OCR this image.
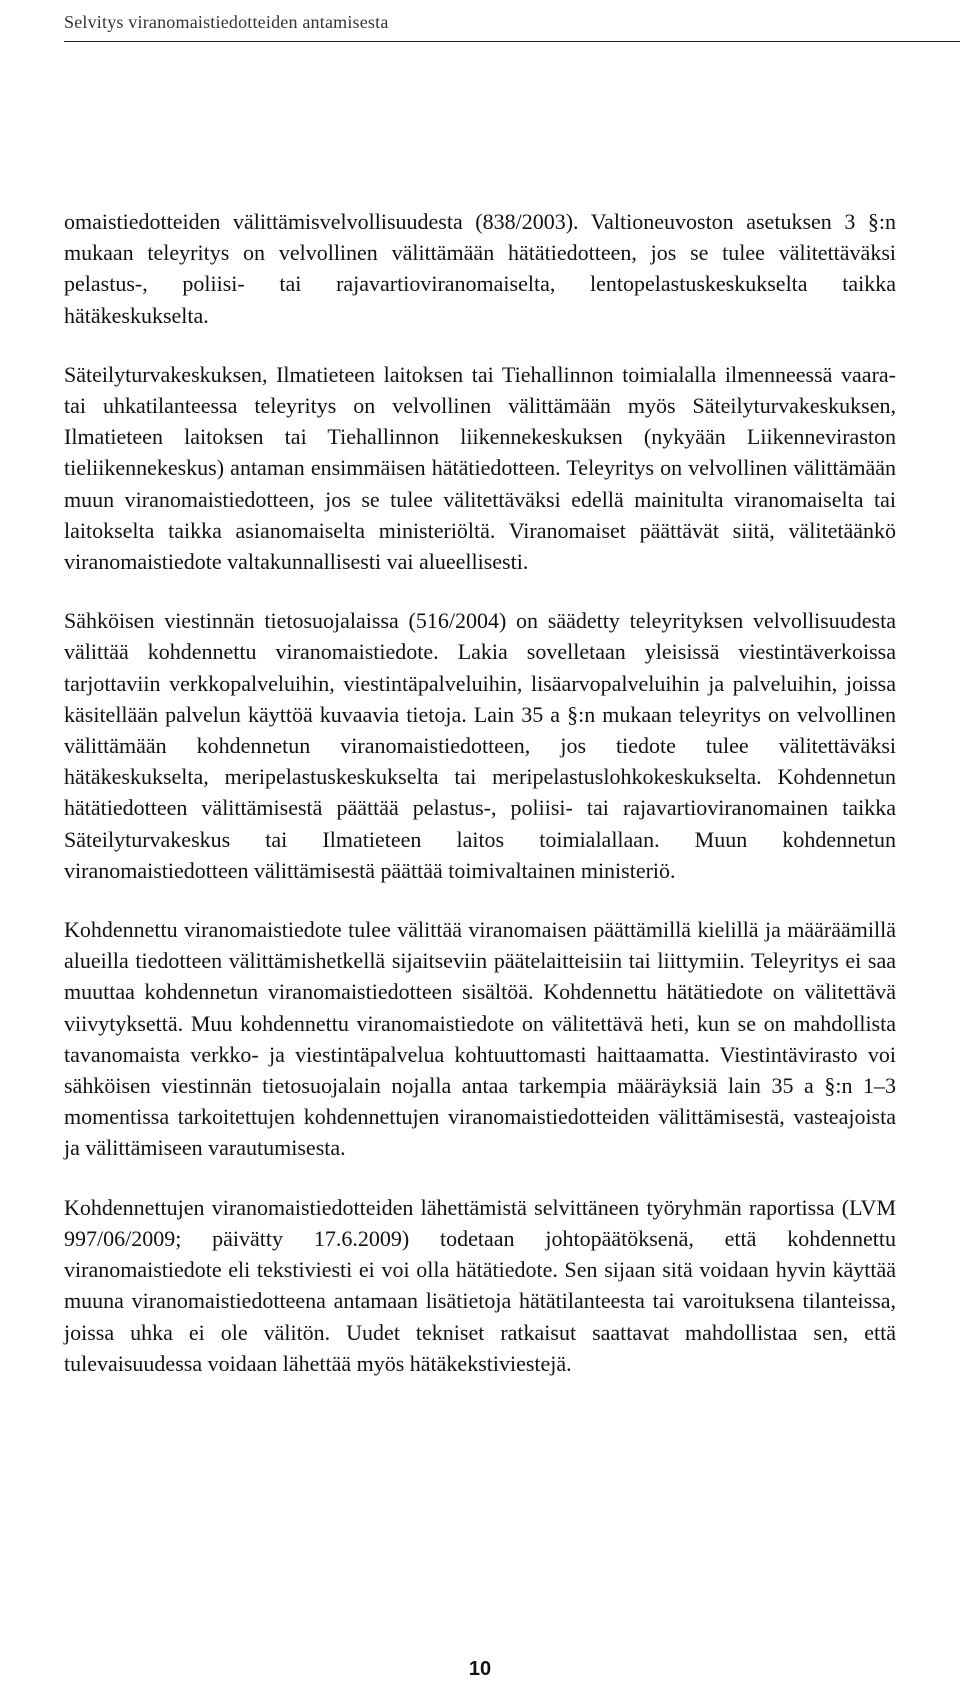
Selvitys viranomaistiedotteiden antamisesta

omaistiedotteiden välittämisvelvollisuudesta (838/2003). Valtioneuvoston asetuksen 3 §:n mukaan teleyritys on velvollinen välittämään hätätiedotteen, jos se tulee välitettäväksi pelastus-, poliisi- tai rajavartioviranomaiselta, lentopelastuskeskukselta taikka hätäkeskukselta.

Säteilyturvakeskuksen, Ilmatieteen laitoksen tai Tiehallinnon toimialalla ilmenneessä vaara- tai uhkatilanteessa teleyritys on velvollinen välittämään myös Säteilyturvakeskuksen, Ilmatieteen laitoksen tai Tiehallinnon liikennekeskuksen (nykyään Liikenneviraston tieliikennekeskus) antaman ensimmäisen hätätiedotteen. Teleyritys on velvollinen välittämään muun viranomaistiedotteen, jos se tulee välitettäväksi edellä mainitulta viranomaiselta tai laitokselta taikka asianomaiselta ministeriöltä. Viranomaiset päättävät siitä, välitetäänkö viranomaistiedote valtakunnallisesti vai alueellisesti.

Sähköisen viestinnän tietosuojalaissa (516/2004) on säädetty teleyrityksen velvollisuudesta välittää kohdennettu viranomaistiedote. Lakia sovelletaan yleisissä viestintäverkoissa tarjottaviin verkkopalveluihin, viestintäpalveluihin, lisäarvopalveluihin ja palveluihin, joissa käsitellään palvelun käyttöä kuvaavia tietoja. Lain 35 a §:n mukaan teleyritys on velvollinen välittämään kohdennetun viranomaistiedotteen, jos tiedote tulee välitettäväksi hätäkeskukselta, meripelastuskeskukselta tai meripelastuslohkokeskukselta. Kohdennetun hätätiedotteen välittämisestä päättää pelastus-, poliisi- tai rajavartioviranomainen taikka Säteilyturvakeskus tai Ilmatieteen laitos toimialallaan. Muun kohdennetun viranomaistiedotteen välittämisestä päättää toimivaltainen ministeriö.

Kohdennettu viranomaistiedote tulee välittää viranomaisen päättämillä kielillä ja määräämillä alueilla tiedotteen välittämishetkellä sijaitseviin päätelaitteisiin tai liittymiin. Teleyritys ei saa muuttaa kohdennetun viranomaistiedotteen sisältöä. Kohdennettu hätätiedote on välitettävä viivytyksettä. Muu kohdennettu viranomaistiedote on välitettävä heti, kun se on mahdollista tavanomaista verkko- ja viestintäpalvelua kohtuuttomasti haittaamatta. Viestintävirasto voi sähköisen viestinnän tietosuojalain nojalla antaa tarkempia määräyksiä lain 35 a §:n 1–3 momentissa tarkoitettujen kohdennettujen viranomaistiedotteiden välittämisestä, vasteajoista ja välittämiseen varautumisesta.

Kohdennettujen viranomaistiedotteiden lähettämistä selvittäneen työryhmän raportissa (LVM 997/06/2009; päivätty 17.6.2009) todetaan johtopäätöksenä, että kohdennettu viranomaistiedote eli tekstiviesti ei voi olla hätätiedote. Sen sijaan sitä voidaan hyvin käyttää muuna viranomaistiedotteena antamaan lisätietoja hätätilanteesta tai varoituksena tilanteissa, joissa uhka ei ole välitön. Uudet tekniset ratkaisut saattavat mahdollistaa sen, että tulevaisuudessa voidaan lähettää myös hätäkekstiviestejä.

10
